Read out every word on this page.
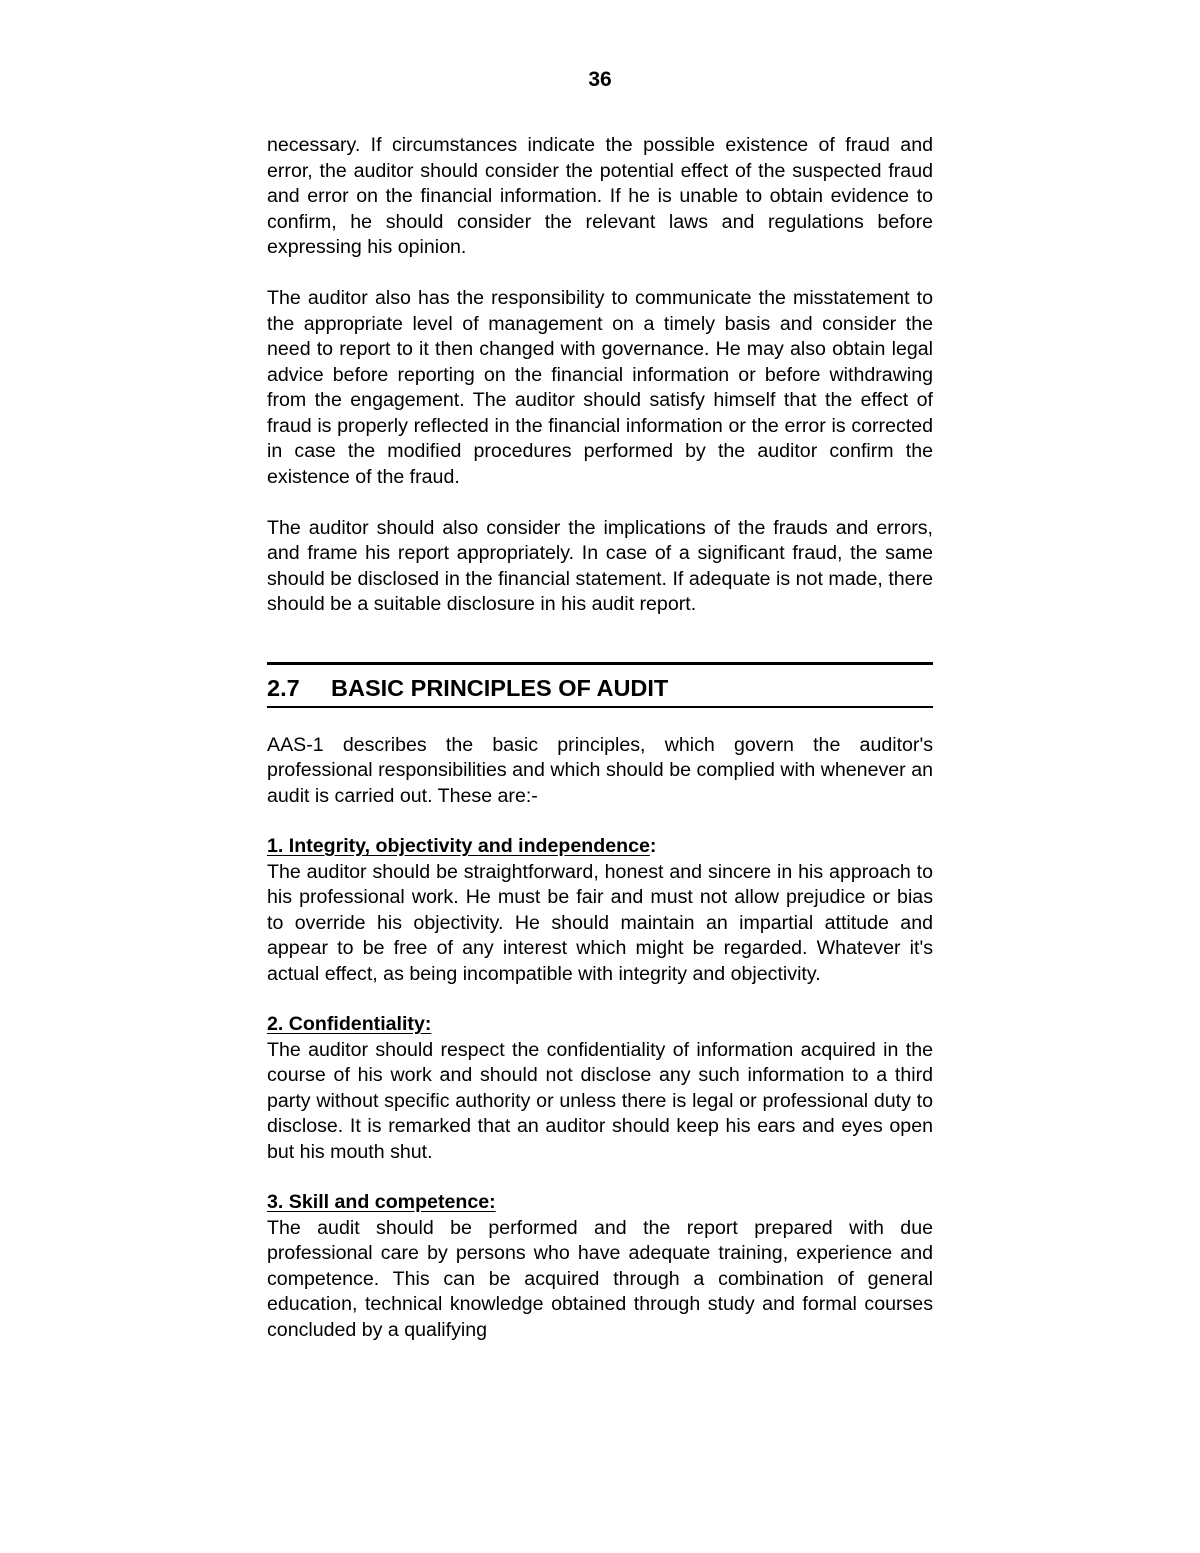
36

necessary. If circumstances indicate the possible existence of fraud and error, the auditor should consider the potential effect of the suspected fraud and error on the financial information. If he is unable to obtain evidence to confirm, he should consider the relevant laws and regulations before expressing his opinion.

The auditor also has the responsibility to communicate the misstatement to the appropriate level of management on a timely basis and consider the need to report to it then changed with governance. He may also obtain legal advice before reporting on the financial information or before withdrawing from the engagement. The auditor should satisfy himself that the effect of fraud is properly reflected in the financial information or the error is corrected in case the modified procedures performed by the auditor confirm the existence of the fraud.

The auditor should also consider the implications of the frauds and errors, and frame his report appropriately. In case of a significant fraud, the same should be disclosed in the financial statement. If adequate is not made, there should be a suitable disclosure in his audit report.

2.7	BASIC PRINCIPLES OF AUDIT

AAS-1 describes the basic principles, which govern the auditor's professional responsibilities and which should be complied with whenever an audit is carried out. These are:-

1. Integrity, objectivity and independence:

The auditor should be straightforward, honest and sincere in his approach to his professional work. He must be fair and must not allow prejudice or bias to override his objectivity. He should maintain an impartial attitude and appear to be free of any interest which might be regarded. Whatever it's actual effect, as being incompatible with integrity and objectivity.

2. Confidentiality:

The auditor should respect the confidentiality of information acquired in the course of his work and should not disclose any such information to a third party without specific authority or unless there is legal or professional duty to disclose. It is remarked that an auditor should keep his ears and eyes open but his mouth shut.

3. Skill and competence:

The audit should be performed and the report prepared with due professional care by persons who have adequate training, experience and competence. This can be acquired through a combination of general education, technical knowledge obtained through study and formal courses concluded by a qualifying
